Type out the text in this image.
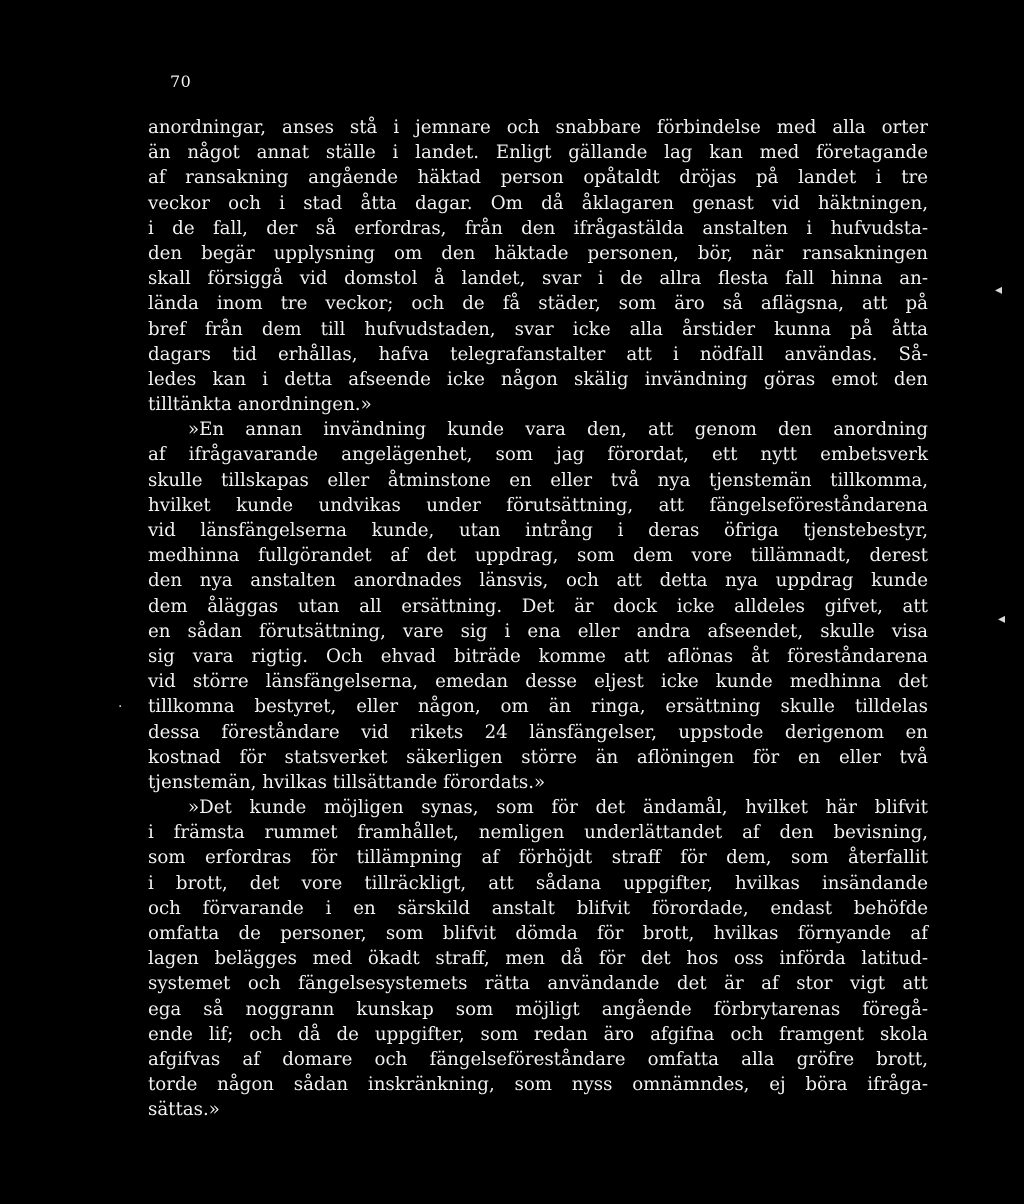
70
anordningar, anses stå i jemnare och snabbare förbindelse med alla orter
än något annat ställe i landet. Enligt gällande lag kan med företagande
af ransakning angående häktad person opåtaldt dröjas på landet i tre
veckor och i stad åtta dagar. Om då åklagaren genast vid häktningen,
i de fall, der så erfordras, från den ifrågastälda anstalten i hufvudsta-
den begär upplysning om den häktade personen, bör, när ransakningen
skall försiggå vid domstol å landet, svar i de allra flesta fall hinna an-
lända inom tre veckor; och de få städer, som äro så aflägsna, att på
bref från dem till hufvudstaden, svar icke alla årstider kunna på åtta
dagars tid erhållas, hafva telegrafanstalter att i nödfall användas. Så-
ledes kan i detta afseende icke någon skälig invändning göras emot den
tilltänkta anordningen.»
»En annan invändning kunde vara den, att genom den anordning
af ifrågavarande angelägenhet, som jag förordat, ett nytt embetsverk
skulle tillskapas eller åtminstone en eller två nya tjenstemän tillkomma,
hvilket kunde undvikas under förutsättning, att fängelseföreståndarena
vid länsfängelserna kunde, utan intrång i deras öfriga tjenstebestyr,
medhinna fullgörandet af det uppdrag, som dem vore tillämnadt, derest
den nya anstalten anordnades länsvis, och att detta nya uppdrag kunde
dem åläggas utan all ersättning. Det är dock icke alldeles gifvet, att
en sådan förutsättning, vare sig i ena eller andra afseendet, skulle visa
sig vara rigtig. Och ehvad biträde komme att aflönas åt föreståndarena
vid större länsfängelserna, emedan desse eljest icke kunde medhinna det
tillkomna bestyret, eller någon, om än ringa, ersättning skulle tilldelas
dessa föreståndare vid rikets 24 länsfängelser, uppstode derigenom en
kostnad för statsverket säkerligen större än aflöningen för en eller två
tjenstemän, hvilkas tillsättande förordats.»
»Det kunde möjligen synas, som för det ändamål, hvilket här blifvit
i främsta rummet framhållet, nemligen underlättandet af den bevisning,
som erfordras för tillämpning af förhöjdt straff för dem, som återfallit
i brott, det vore tillräckligt, att sådana uppgifter, hvilkas insändande
och förvarande i en särskild anstalt blifvit förordade, endast behöfde
omfatta de personer, som blifvit dömda för brott, hvilkas förnyande af
lagen belägges med ökadt straff, men då för det hos oss införda latitud-
systemet och fängelsesystemets rätta användande det är af stor vigt att
ega så noggrann kunskap som möjligt angående förbrytarenas föregå-
ende lif; och då de uppgifter, som redan äro afgifna och framgent skola
afgifvas af domare och fängelseföreståndare omfatta alla gröfre brott,
torde någon sådan inskränkning, som nyss omnämndes, ej böra ifråga-
sättas.»
◂
◂
·
